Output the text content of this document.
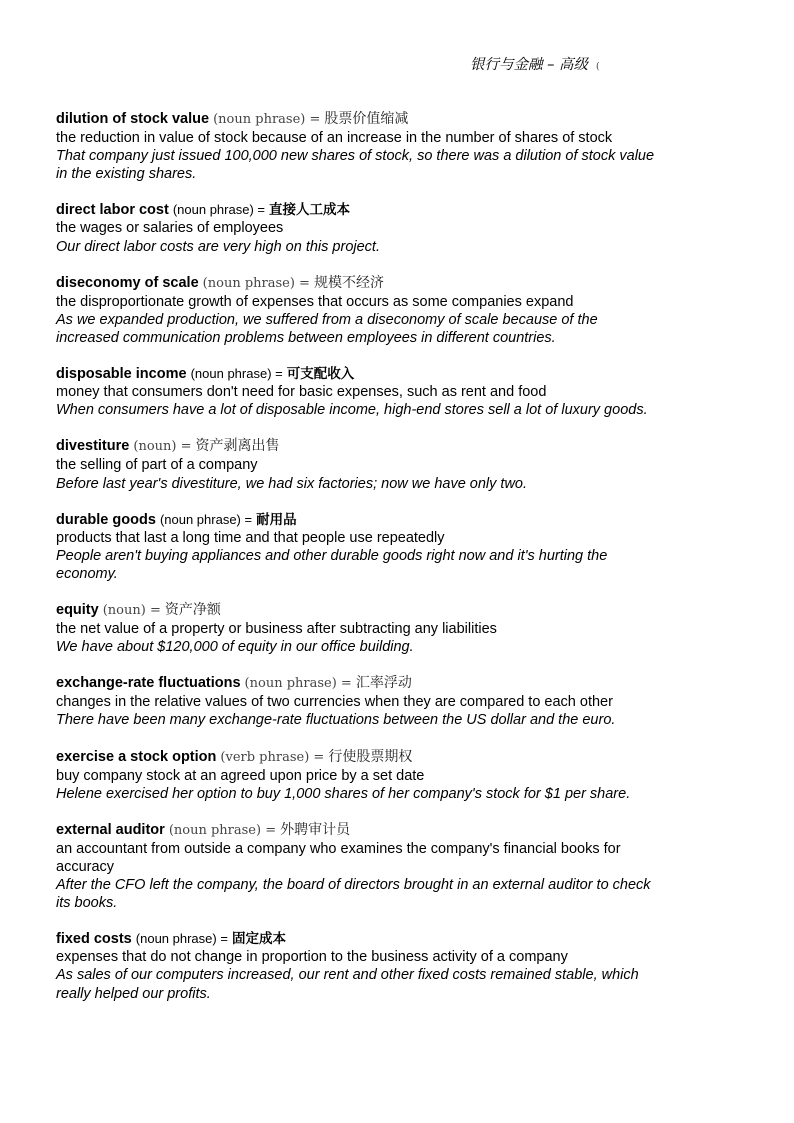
银行与金融 – 高级 (
dilution of stock value (noun phrase) = 股票价值缩减
the reduction in value of stock because of an increase in the number of shares of stock
That company just issued 100,000 new shares of stock, so there was a dilution of stock value in the existing shares.
direct labor cost (noun phrase) = 直接人工成本
the wages or salaries of employees
Our direct labor costs are very high on this project.
diseconomy of scale (noun phrase) = 规模不经济
the disproportionate growth of expenses that occurs as some companies expand
As we expanded production, we suffered from a diseconomy of scale because of the increased communication problems between employees in different countries.
disposable income (noun phrase) = 可支配收入
money that consumers don't need for basic expenses, such as rent and food
When consumers have a lot of disposable income, high-end stores sell a lot of luxury goods.
divestiture (noun) = 资产剥离出售
the selling of part of a company
Before last year's divestiture, we had six factories; now we have only two.
durable goods (noun phrase) = 耐用品
products that last a long time and that people use repeatedly
People aren't buying appliances and other durable goods right now and it's hurting the economy.
equity (noun) = 资产净额
the net value of a property or business after subtracting any liabilities
We have about $120,000 of equity in our office building.
exchange-rate fluctuations (noun phrase) = 汇率浮动
changes in the relative values of two currencies when they are compared to each other
There have been many exchange-rate fluctuations between the US dollar and the euro.
exercise a stock option (verb phrase) = 行使股票期权
buy company stock at an agreed upon price by a set date
Helene exercised her option to buy 1,000 shares of her company's stock for $1 per share.
external auditor (noun phrase) = 外聘审计员
an accountant from outside a company who examines the company's financial books for accuracy
After the CFO left the company, the board of directors brought in an external auditor to check its books.
fixed costs (noun phrase) = 固定成本
expenses that do not change in proportion to the business activity of a company
As sales of our computers increased, our rent and other fixed costs remained stable, which really helped our profits.
